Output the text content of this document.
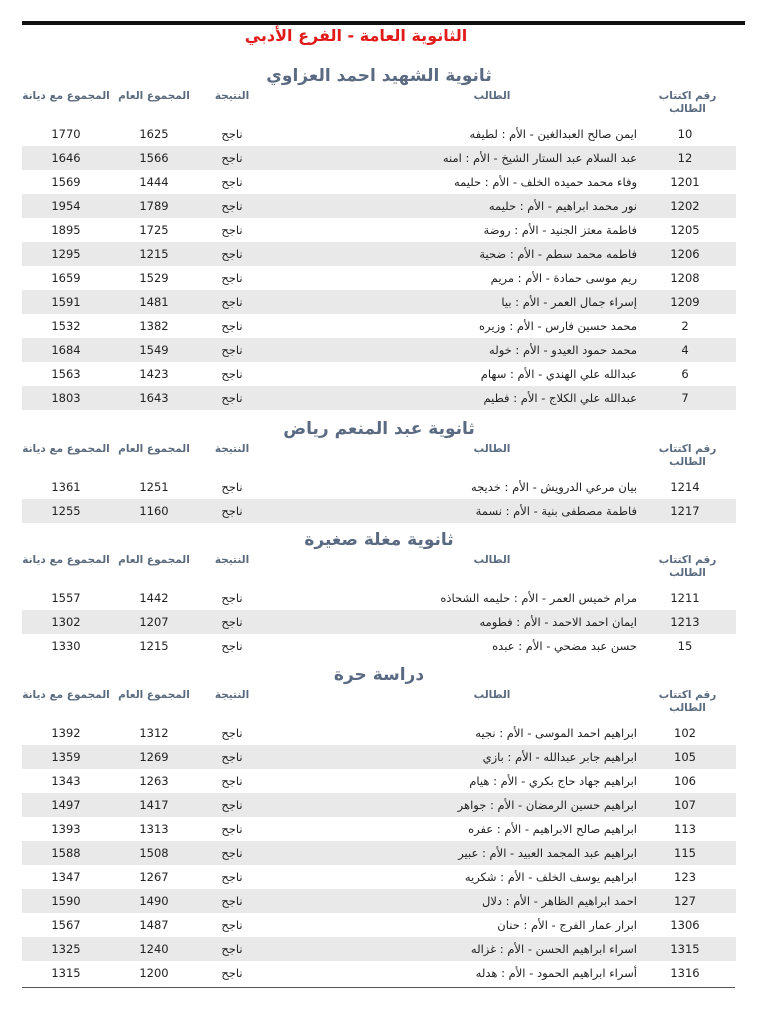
الثانوية العامة - الفرع الأدبي
ثانوية الشهيد احمد العزاوي
رقم اكتتاب الطالب
الطالب
النتيجة
المجموع العام
المجموع مع ديانة
10
ايمن صالح العبدالغين - الأم : لطيفه
ناجح
1625
1770
12
عبد السلام عبد الستار الشيخ - الأم : امنه
ناجح
1566
1646
1201
وفاء محمد حميده الخلف - الأم : حليمه
ناجح
1444
1569
1202
نور محمد ابراهيم - الأم : حليمه
ناجح
1789
1954
1205
فاطمة معتز الجنيد - الأم : روضة
ناجح
1725
1895
1206
فاطمه محمد سطم - الأم : ضحية
ناجح
1215
1295
1208
ريم موسى حمادة - الأم : مريم
ناجح
1529
1659
1209
إسراء جمال العمر - الأم : بيا
ناجح
1481
1591
2
محمد حسين فارس - الأم : وزيره
ناجح
1382
1532
4
محمد حمود العيدو - الأم : خوله
ناجح
1549
1684
6
عبدالله علي الهندي - الأم : سهام
ناجح
1423
1563
7
عبدالله علي الكلاج - الأم : فطيم
ناجح
1643
1803
ثانوية عبد المنعم رياض
رقم اكتتاب الطالب
الطالب
النتيجة
المجموع العام
المجموع مع ديانة
1214
بيان مرعي الدرويش - الأم : خديجه
ناجح
1251
1361
1217
فاطمة مصطفى بنية - الأم : نسمة
ناجح
1160
1255
ثانوية مغلة صغيرة
رقم اكتتاب الطالب
الطالب
النتيجة
المجموع العام
المجموع مع ديانة
1211
مرام خميس العمر - الأم : حليمه الشحاذه
ناجح
1442
1557
1213
ايمان احمد الاحمد - الأم : فطومه
ناجح
1207
1302
15
حسن عبد مضحي - الأم : عبده
ناجح
1215
1330
دراسة حرة
رقم اكتتاب الطالب
الطالب
النتيجة
المجموع العام
المجموع مع ديانة
102
ابراهيم احمد الموسى - الأم : نجيه
ناجح
1312
1392
105
ابراهيم جابر عبدالله - الأم : بازي
ناجح
1269
1359
106
ابراهيم جهاد حاج بكري - الأم : هيام
ناجح
1263
1343
107
ابراهيم حسين الرمضان - الأم : جواهر
ناجح
1417
1497
113
ابراهيم صالح الابراهيم - الأم : عفره
ناجح
1313
1393
115
ابراهيم عبد المجمد العبيد - الأم : عبير
ناجح
1508
1588
123
ابراهيم يوسف الخلف - الأم : شكريه
ناجح
1267
1347
127
احمد ابراهيم الظاهر - الأم : دلال
ناجح
1490
1590
1306
ابرار عمار الفرج - الأم : حنان
ناجح
1487
1567
1315
اسراء ابراهيم الحسن - الأم : غزاله
ناجح
1240
1325
1316
أسراء ابراهيم الحمود - الأم : هدله
ناجح
1200
1315
